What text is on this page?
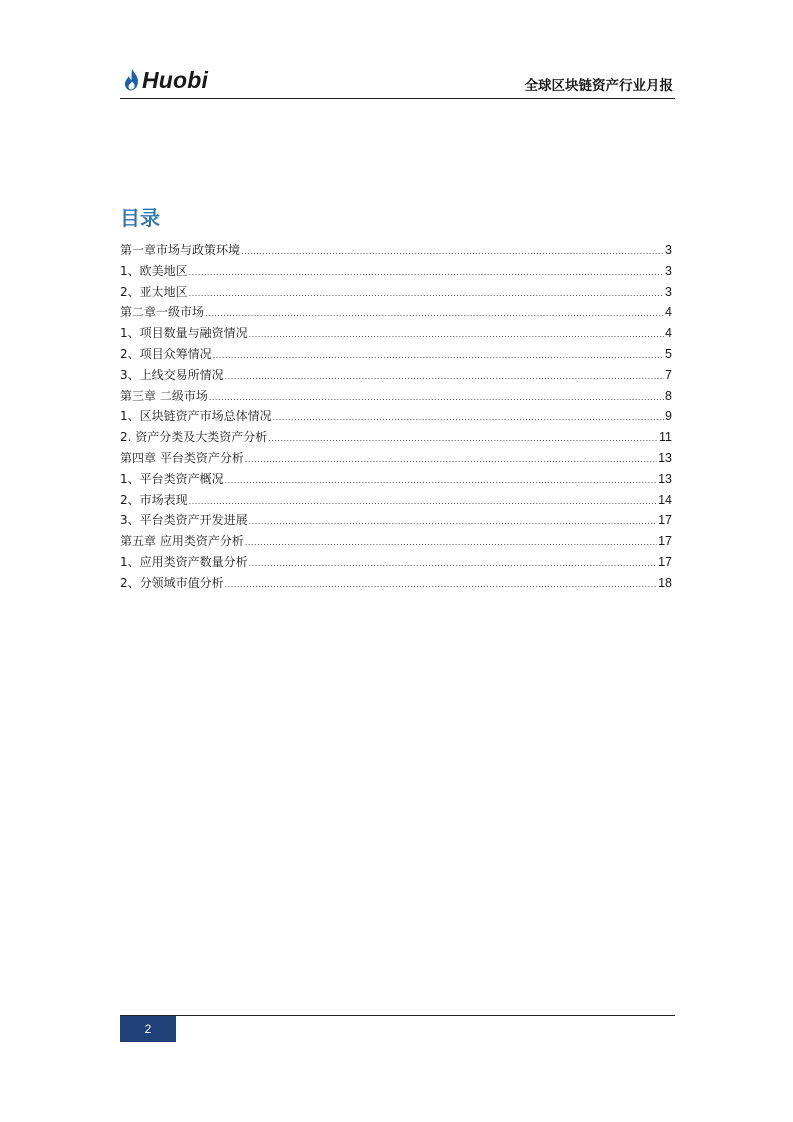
Huobi	全球区块链资产行业月报
目录
第一章市场与政策环境 .....	3
1、欧美地区 .....	3
2、亚太地区 .....	3
第二章一级市场 .....	4
1、项目数量与融资情况 .....	4
2、项目众筹情况 .....	5
3、上线交易所情况 .....	7
第三章 二级市场 .....	8
1、区块链资产市场总体情况 .....	9
2. 资产分类及大类资产分析 .....	11
第四章 平台类资产分析 .....	13
1、平台类资产概况 .....	13
2、市场表现 .....	14
3、平台类资产开发进展 .....	17
第五章 应用类资产分析 .....	17
1、应用类资产数量分析 .....	17
2、分领域市值分析 .....	18
2
